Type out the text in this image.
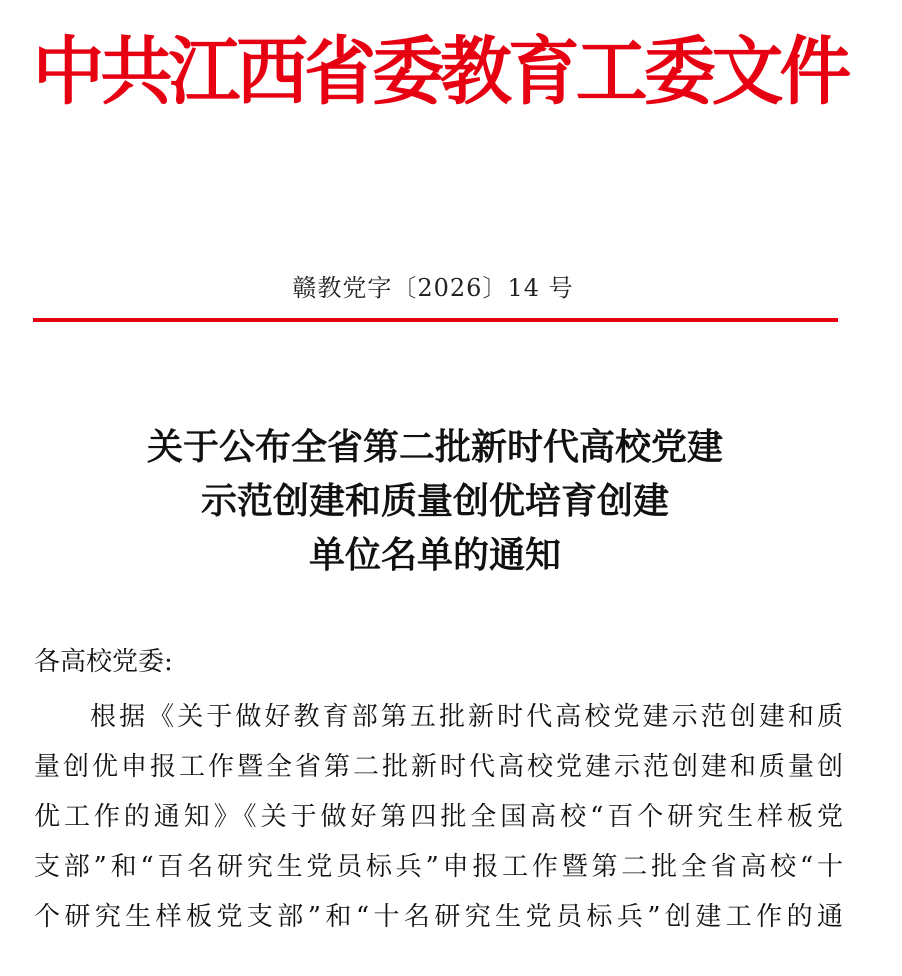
中共江西省委教育工委文件
赣教党字〔2026〕14 号
关于公布全省第二批新时代高校党建
示范创建和质量创优培育创建
单位名单的通知
各高校党委:
根据《关于做好教育部第五批新时代高校党建示范创建和质
量创优申报工作暨全省第二批新时代高校党建示范创建和质量创
优工作的通知》《关于做好第四批全国高校“百个研究生样板党
支部”和“百名研究生党员标兵”申报工作暨第二批全省高校“十
个研究生样板党支部”和“十名研究生党员标兵”创建工作的通
